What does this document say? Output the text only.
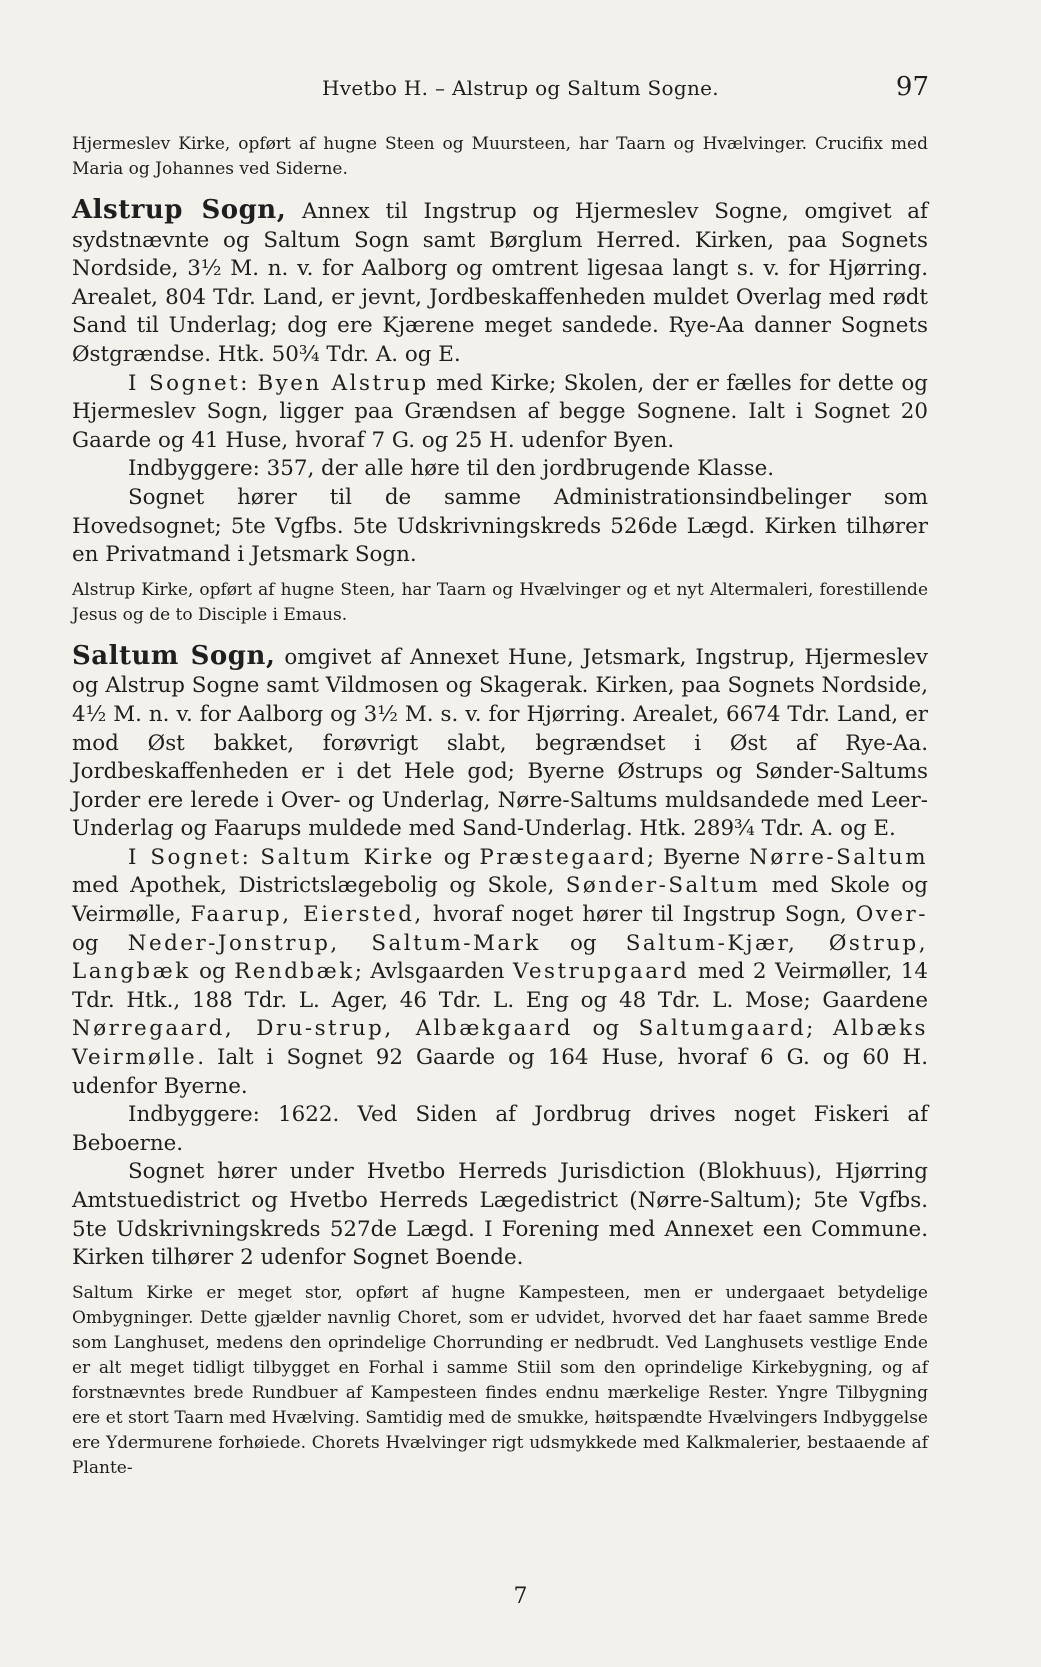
Hvetbo H. – Alstrup og Saltum Sogne.	97

Hjermeslev Kirke, opført af hugne Steen og Muursteen, har Taarn og Hvælvinger. Crucifix med Maria og Johannes ved Siderne.

Alstrup Sogn, Annex til Ingstrup og Hjermeslev Sogne, omgivet af sydstnævnte og Saltum Sogn samt Børglum Herred. Kirken, paa Sognets Nordside, 3½ M. n. v. for Aalborg og omtrent ligesaa langt s. v. for Hjørring. Arealet, 804 Tdr. Land, er jevnt, Jordbeskaffenheden muldet Overlag med rødt Sand til Underlag; dog ere Kjærene meget sandede. Rye-Aa danner Sognets Østgrændse. Htk. 50¾ Tdr. A. og E.

I Sognet: Byen Alstrup med Kirke; Skolen, der er fælles for dette og Hjermeslev Sogn, ligger paa Grændsen af begge Sognene. Ialt i Sognet 20 Gaarde og 41 Huse, hvoraf 7 G. og 25 H. udenfor Byen.

Indbyggere: 357, der alle høre til den jordbrugende Klasse.

Sognet hører til de samme Administrationsindbelinger som Hovedsognet; 5te Vgfbs. 5te Udskrivningskreds 526de Lægd. Kirken tilhører en Privatmand i Jetsmark Sogn.

Alstrup Kirke, opført af hugne Steen, har Taarn og Hvælvinger og et nyt Altermaleri, forestillende Jesus og de to Disciple i Emaus.

Saltum Sogn, omgivet af Annexet Hune, Jetsmark, Ingstrup, Hjermeslev og Alstrup Sogne samt Vildmosen og Skagerak. Kirken, paa Sognets Nordside, 4½ M. n. v. for Aalborg og 3½ M. s. v. for Hjørring. Arealet, 6674 Tdr. Land, er mod Øst bakket, forøvrigt slabt, begrændset i Øst af Rye-Aa. Jordbeskaffenheden er i det Hele god; Byerne Østrups og Sønder-Saltums Jorder ere lerede i Over- og Underlag, Nørre-Saltums muldsandede med Leer-Underlag og Faarups muldede med Sand-Underlag. Htk. 289¾ Tdr. A. og E.

I Sognet: Saltum Kirke og Præstegaard; Byerne Nørre-Saltum med Apothek, Districtslægebolig og Skole, Sønder-Saltum med Skole og Veirmølle, Faarup, Eiersted, hvoraf noget hører til Ingstrup Sogn, Over- og Neder-Jonstrup, Saltum-Mark og Saltum-Kjær, Østrup, Langbæk og Rendbæk; Avlsgaarden Vestrupgaard med 2 Veirmøller, 14 Tdr. Htk., 188 Tdr. L. Ager, 46 Tdr. L. Eng og 48 Tdr. L. Mose; Gaardene Nørregaard, Dru-strup, Albækgaard og Saltumgaard; Albæks Veirmølle. Ialt i Sognet 92 Gaarde og 164 Huse, hvoraf 6 G. og 60 H. udenfor Byerne.

Indbyggere: 1622. Ved Siden af Jordbrug drives noget Fiskeri af Beboerne.

Sognet hører under Hvetbo Herreds Jurisdiction (Blokhuus), Hjørring Amtstuedistrict og Hvetbo Herreds Lægedistrict (Nørre-Saltum); 5te Vgfbs. 5te Udskrivningskreds 527de Lægd. I Forening med Annexet een Commune. Kirken tilhører 2 udenfor Sognet Boende.

Saltum Kirke er meget stor, opført af hugne Kampesteen, men er undergaaet betydelige Ombygninger. Dette gjælder navnlig Choret, som er udvidet, hvorved det har faaet samme Brede som Langhuset, medens den oprindelige Chorrunding er nedbrudt. Ved Langhusets vestlige Ende er alt meget tidligt tilbygget en Forhal i samme Stiil som den oprindelige Kirkebygning, og af forstnævntes brede Rundbuer af Kampesteen findes endnu mærkelige Rester. Yngre Tilbygning ere et stort Taarn med Hvælving. Samtidig med de smukke, høitspændte Hvælvingers Indbyggelse ere Ydermurene forhøiede. Chorets Hvælvinger rigt udsmykkede med Kalkmalerier, bestaaende af Plante-

7
